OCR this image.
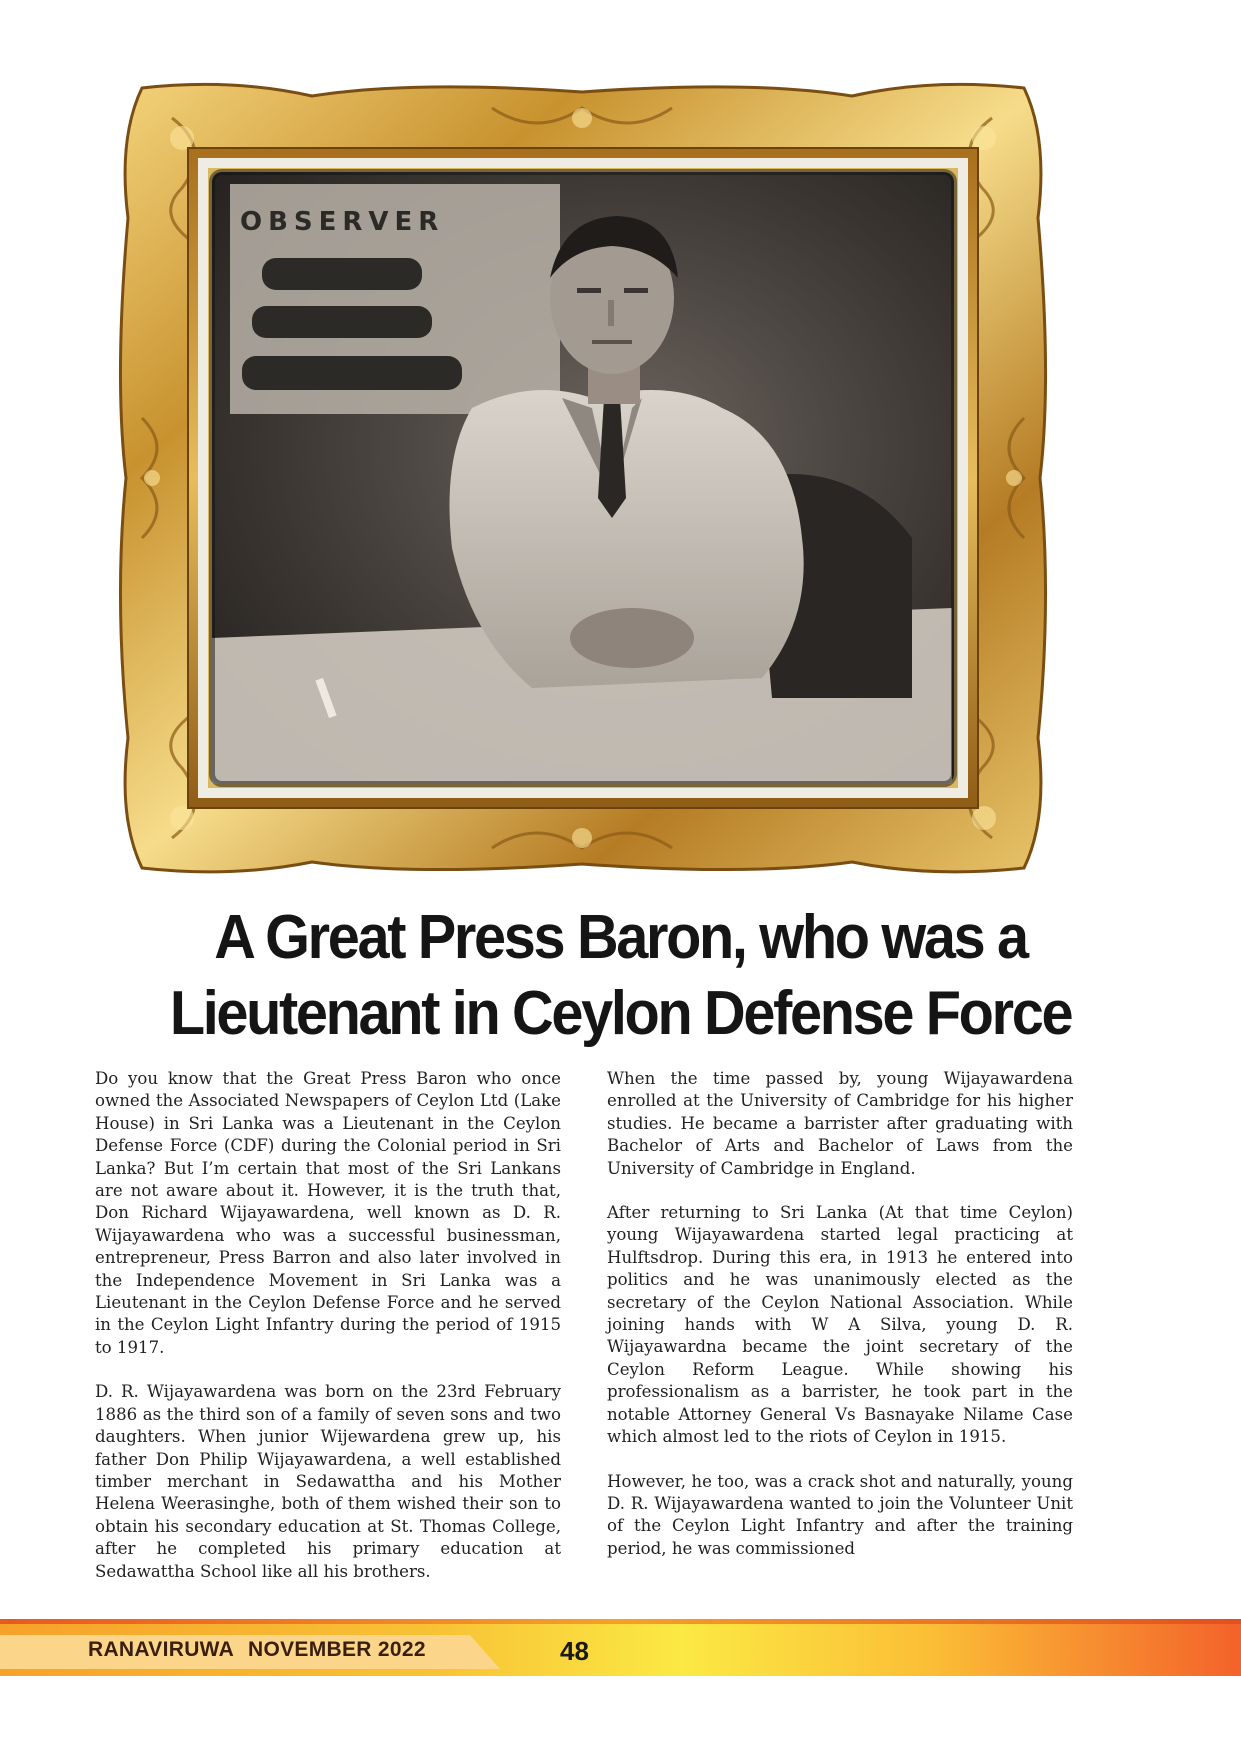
OBSERVER
A Great Press Baron, who was a
Lieutenant in Ceylon Defense Force

Do you know that the Great Press Baron who once owned the Associated Newspapers of Ceylon Ltd (Lake House) in Sri Lanka was a Lieutenant in the Ceylon Defense Force (CDF) during the Colonial period in Sri Lanka? But I’m certain that most of the Sri Lankans are not aware about it. However, it is the truth that, Don Richard Wijayawardena, well known as D. R. Wijayawardena who was a successful businessman, entrepreneur, Press Barron and also later involved in the Independence Movement in Sri Lanka was a Lieutenant in the Ceylon Defense Force and he served in the Ceylon Light Infantry during the period of 1915 to 1917.

D. R. Wijayawardena was born on the 23rd February 1886 as the third son of a family of seven sons and two daughters. When junior Wijewardena grew up, his father Don Philip Wijayawardena, a well established timber merchant in Sedawattha and his Mother Helena Weerasinghe, both of them wished their son to obtain his secondary education at St. Thomas College, after he completed his primary education at Sedawattha School like all his brothers.

When the time passed by, young Wijayawardena enrolled at the University of Cambridge for his higher studies. He became a barrister after graduating with Bachelor of Arts and Bachelor of Laws from the University of Cambridge in England.

After returning to Sri Lanka (At that time Ceylon) young Wijayawardena started legal practicing at Hulftsdrop. During this era, in 1913 he entered into politics and he was unanimously elected as the secretary of the Ceylon National Association. While joining hands with W A Silva, young D. R. Wijayawardna became the joint secretary of the Ceylon Reform League. While showing his professionalism as a barrister, he took part in the notable Attorney General Vs Basnayake Nilame Case which almost led to the riots of Ceylon in 1915.

However, he too, was a crack shot and naturally, young D. R. Wijayawardena wanted to join the Volunteer Unit of the Ceylon Light Infantry and after the training period, he was commissioned

RANAVIRUWA NOVEMBER 2022	48
